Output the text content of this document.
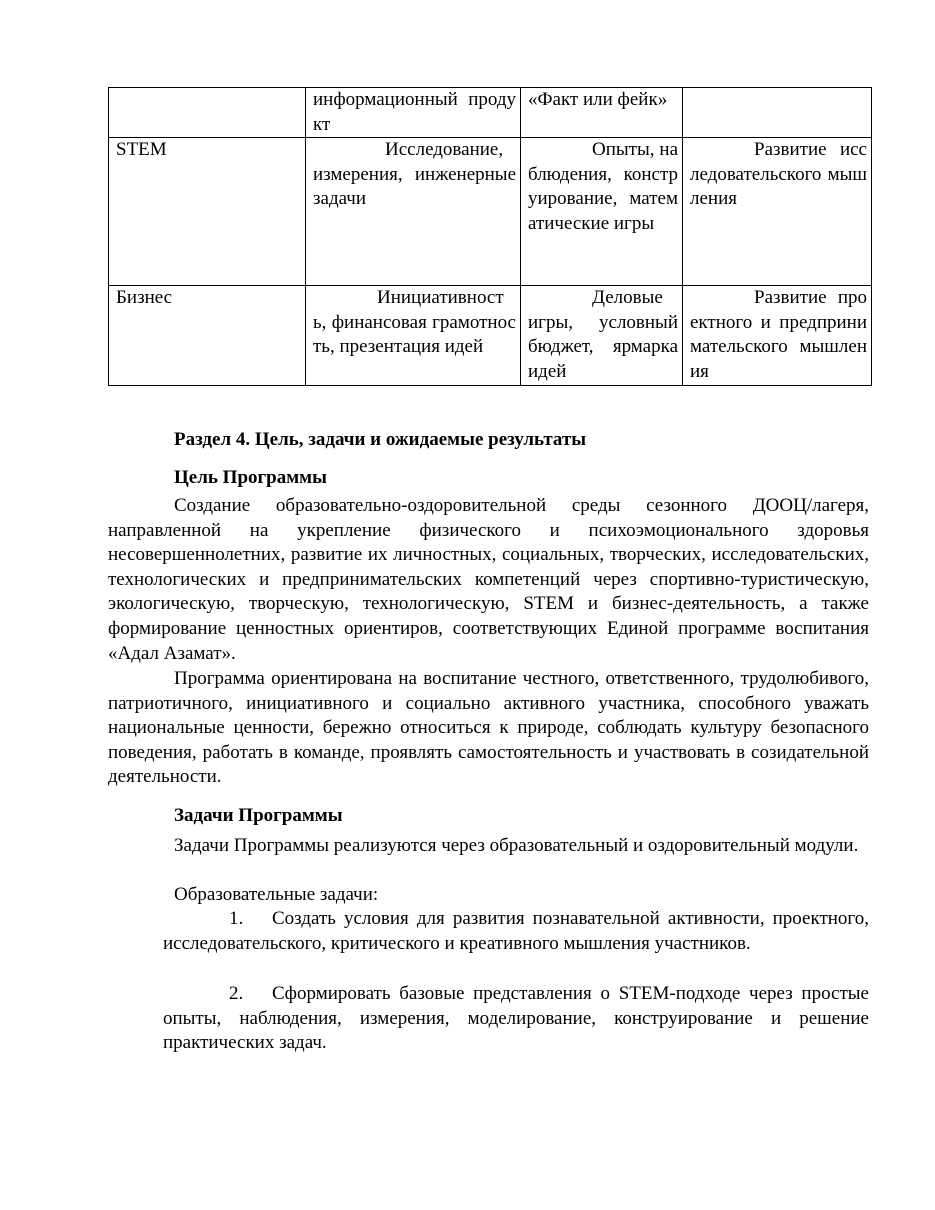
	информационный продукт	«Факт или фейк»	
STEM	Исследование, измерения, инженерные задачи	Опыты, наблюдения, конструирование, математические игры	Развитие исследовательского мышления
Бизнес	Инициативность, финансовая грамотность, презентация идей	Деловые игры, условный бюджет, ярмарка идей	Развитие проектного и предпринимательского мышления
Раздел 4. Цель, задачи и ожидаемые результаты
Цель Программы

Создание образовательно-оздоровительной среды сезонного ДООЦ/лагеря, направленной на укрепление физического и психоэмоционального здоровья несовершеннолетних, развитие их личностных, социальных, творческих, исследовательских, технологических и предпринимательских компетенций через спортивно-туристическую, экологическую, творческую, технологическую, STEM и бизнес-деятельность, а также формирование ценностных ориентиров, соответствующих Единой программе воспитания «Адал Азамат».

Программа ориентирована на воспитание честного, ответственного, трудолюбивого, патриотичного, инициативного и социально активного участника, способного уважать национальные ценности, бережно относиться к природе, соблюдать культуру безопасного поведения, работать в команде, проявлять самостоятельность и участвовать в созидательной деятельности.

Задачи Программы

Задачи Программы реализуются через образовательный и оздоровительный модули.

Образовательные задачи:

1. Создать условия для развития познавательной активности, проектного, исследовательского, критического и креативного мышления участников.

2. Сформировать базовые представления о STEM-подходе через простые опыты, наблюдения, измерения, моделирование, конструирование и решение практических задач.
